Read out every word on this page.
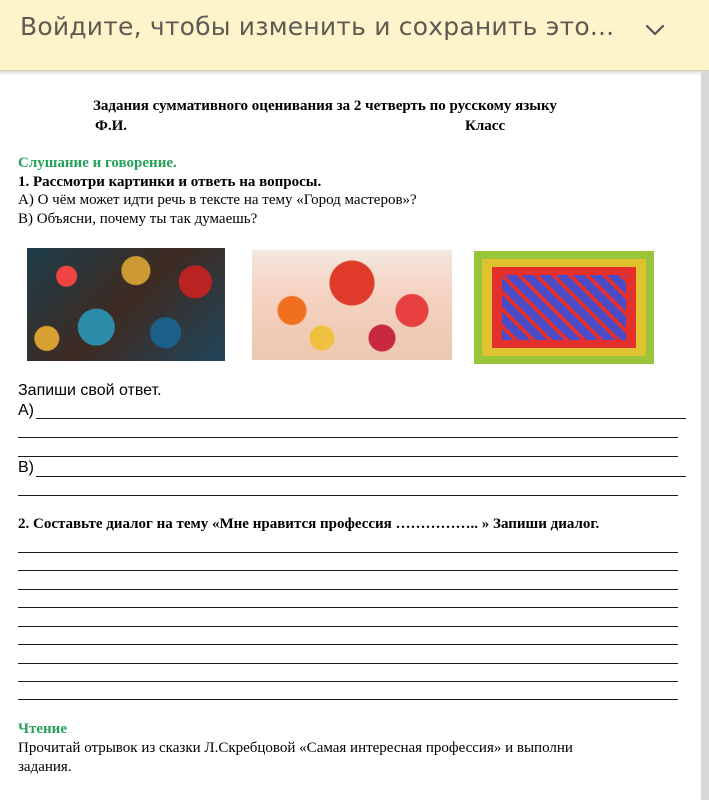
Войдите, чтобы изменить и сохранить это...
Задания суммативного оценивания за 2 четверть по русскому языку
Ф.И.	Класс
Слушание и говорение.
1. Рассмотри картинки и ответь на вопросы.
А) О чём может идти речь в тексте на тему «Город мастеров»?
В) Объясни, почему ты так думаешь?
Запиши свой ответ.
А)
В)
2. Составьте диалог на тему «Мне нравится профессия …………….. » Запиши диалог.
Чтение
Прочитай отрывок из сказки Л.Скребцовой «Самая интересная профессия» и выполни
задания.
